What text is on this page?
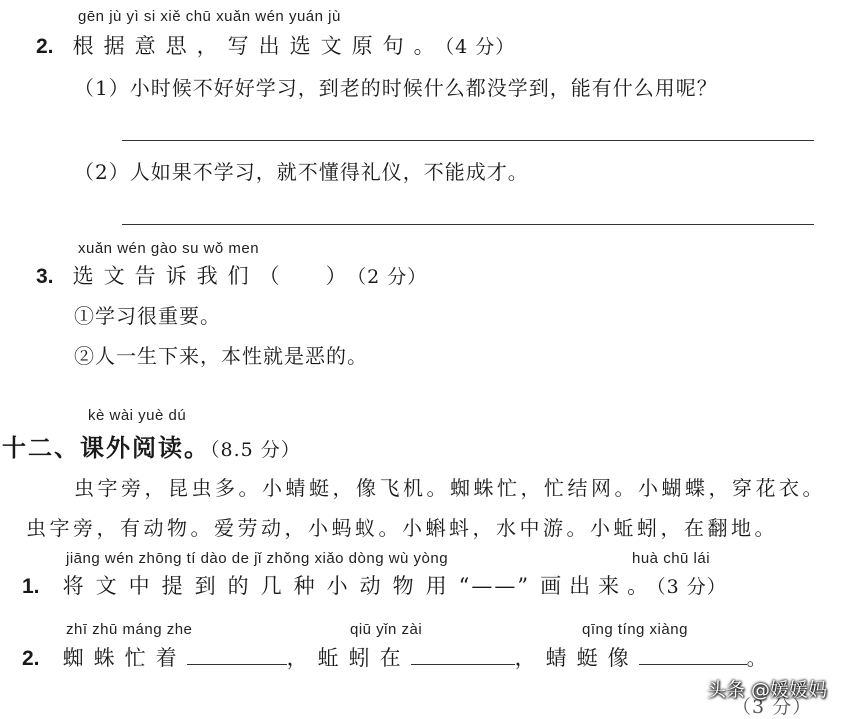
gēn jù yì si xiě chū xuǎn wén yuán jù
2. 根据意思，写出选文原句。（4 分）
（1）小时候不好好学习，到老的时候什么都没学到，能有什么用呢？
（2）人如果不学习，就不懂得礼仪，不能成才。
xuǎn wén gào su wǒ men
3. 选文告诉我们（ ）（2 分）
①学习很重要。
②人一生下来，本性就是恶的。
kè wài yuè dú
十二、课外阅读。（8.5 分）
虫字旁，昆虫多。小蜻蜓，像飞机。蜘蛛忙，忙结网。小蝴蝶，穿花衣。
虫字旁，有动物。爱劳动，小蚂蚁。小蝌蚪，水中游。小蚯蚓，在翻地。
jiāng wén zhōng tí dào de jǐ zhǒng xiǎo dòng wù yòng	huà chū lái
1. 将文中提到的几种小动物用“——” 画出来。（3 分）
zhī zhū máng zhe	qiū yǐn zài	qīng tíng xiàng
2. 蜘蛛忙着	，蚯蚓在	，蜻蜓像	。
（3 分）
头条 @媛媛妈
